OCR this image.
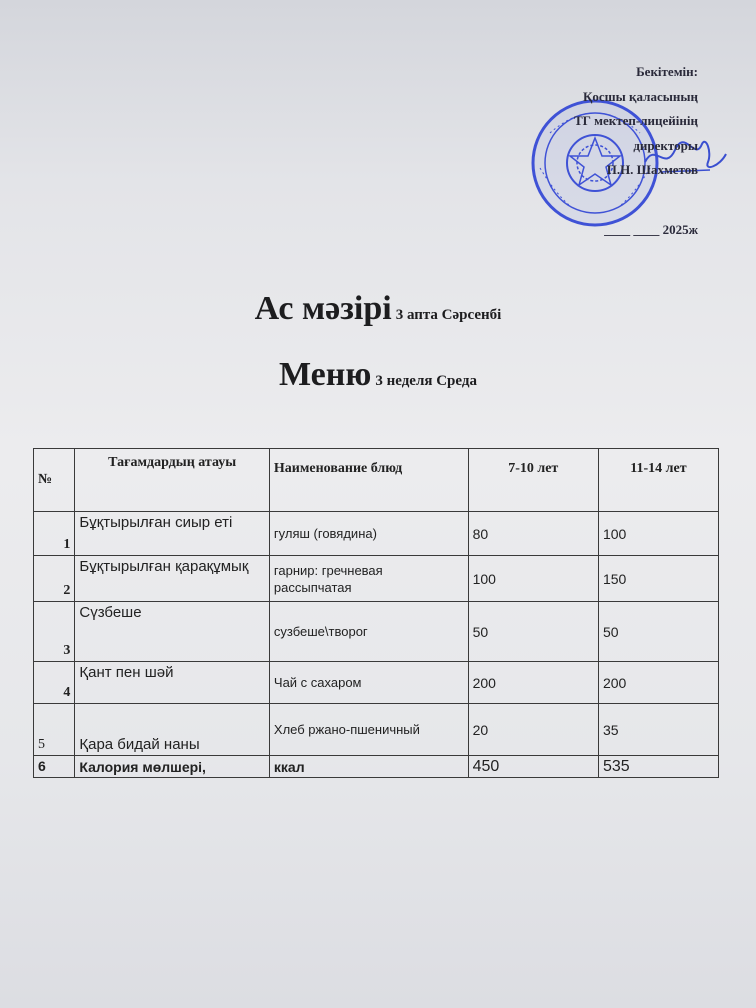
Бекітемін:
Қосшы қаласының
ТГ мектеп-лицейінің
директоры
П.Н. Шахметов
____ ____ 2025ж
Ас мәзірі 3 апта Сәрсенбі
Меню 3 неделя Среда
№	Тағамдардың атауы	Наименование блюд	7-10 лет	11-14 лет
1	Бұқтырылған сиыр еті	гуляш (говядина)	80	100
2	Бұқтырылған қарақұмық	гарнир: гречневая рассыпчатая	100	150
3	Сүзбеше	сузбеше\творог	50	50
4	Қант пен шәй	Чай с сахаром	200	200
5	Қара бидай наны	Хлеб ржано-пшеничный	20	35
6	Калория мөлшері,	ккал	450	535
